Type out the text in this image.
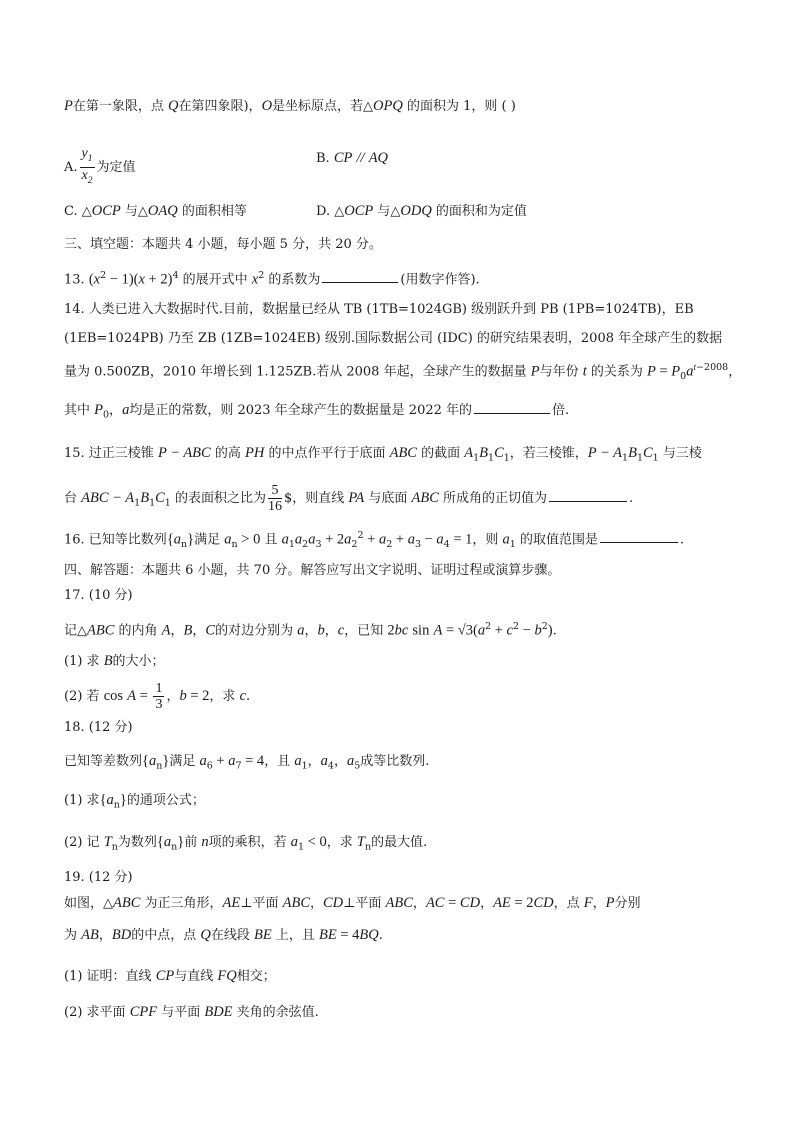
P在第一象限，点 Q在第四象限)，O是坐标原点，若△OPQ 的面积为 1，则 ( )
A. $\frac{y_1}{x_2}$ 为定值
B. CP // AQ
C. △OCP 与△OAQ 的面积相等	D. △OCP 与△ODQ 的面积和为定值
三、填空题：本题共 4 小题，每小题 5 分，共 20 分。
13. $(x^2 - 1)(x + 2)^4$ 的展开式中 $x^2$ 的系数为	(用数字作答).
14. 人类已进入大数据时代.目前，数据量已经从 TB (1TB=1024GB) 级别跃升到 PB (1PB=1024TB)，EB
(1EB=1024PB) 乃至 ZB (1ZB=1024EB) 级别.国际数据公司 (IDC) 的研究结果表明，2008 年全球产生的数据
量为 0.500ZB，2010 年增长到 1.125ZB.若从 2008 年起，全球产生的数据量 P与年份 t 的关系为 $P = P_0a^{t-2008}$，
其中 $P_0$，a均是正的常数，则 2023 年全球产生的数据量是 2022 年的	倍.
15. 过正三棱锥 P − ABC 的高 PH 的中点作平行于底面 ABC 的截面 $A_1B_1C_1$，若三棱锥，$P - A_1B_1C_1$ 与三棱
台 ABC − $A_1B_1C_1$ 的表面积之比为 $\frac{5}{16}$ $，则直线 PA 与底面 ABC 所成角的正切值为	.
16. 已知等比数列$\{a_n\}$满足 $a_n > 0$ 且 $a_1a_2a_3 + 2a_2^2 + a_2 + a_3 - a_4 = 1$，则 $a_1$ 的取值范围是	.
四、解答题：本题共 6 小题，共 70 分。解答应写出文字说明、证明过程或演算步骤。
17. (10 分)
记△ABC 的内角 A，B，C的对边分别为 a，b，c，已知 2bc $\sin A = √3(a^2 + c^2 - b^2)$.
(1) 求 B的大小；
(2) 若 $\cos A = \frac{1}{3}$ ，b = 2，求 c.
18. (12 分)
已知等差数列$\{a_n\}$满足 $a_6 + a_7 = 4$，且 $a_1$，$a_4$，$a_5$成等比数列.
(1) 求$\{a_n\}$的通项公式；
(2) 记 $T_n$为数列$\{a_n\}$前 n项的乘积，若 $a_1 < 0$，求 $T_n$的最大值.
19. (12 分)
如图，△ABC 为正三角形，AE⊥平面 ABC，CD⊥平面 ABC，AC = CD，AE = 2CD，点 F，P分别
为 AB，BD的中点，点 Q在线段 BE 上，且 BE = 4BQ.
(1) 证明：直线 CP与直线 FQ相交；
(2) 求平面 CPF 与平面 BDE 夹角的余弦值.
